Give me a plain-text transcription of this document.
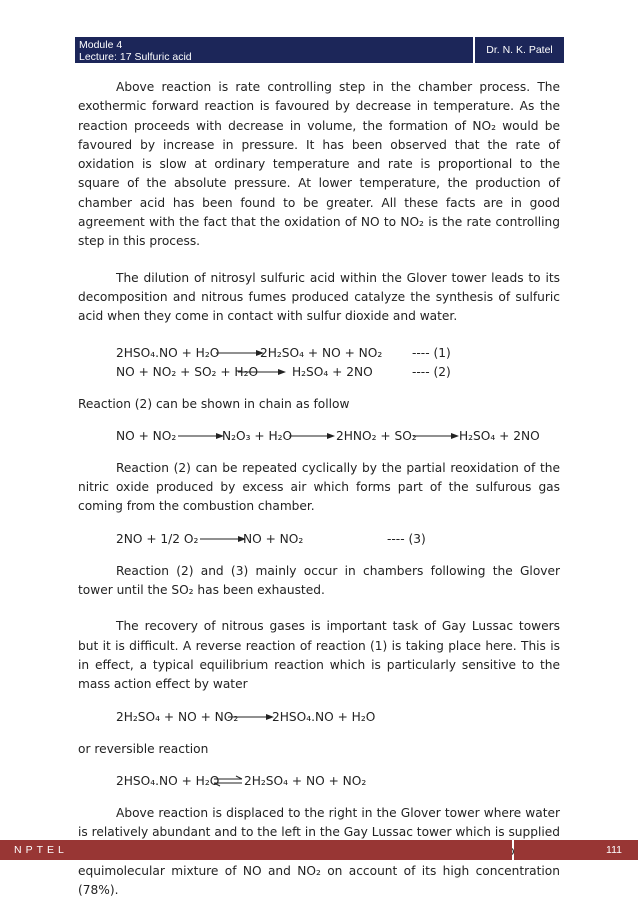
Module 4
Lecture: 17 Sulfuric acid
Dr. N. K. Patel

Above reaction is rate controlling step in the chamber process. The exothermic forward reaction is favoured by decrease in temperature. As the reaction proceeds with decrease in volume, the formation of NO₂ would be favoured by increase in pressure. It has been observed that the rate of oxidation is slow at ordinary temperature and rate is proportional to the square of the absolute pressure. At lower temperature, the production of chamber acid has been found to be greater. All these facts are in good agreement with the fact that the oxidation of NO to NO₂ is the rate controlling step in this process.

The dilution of nitrosyl sulfuric acid within the Glover tower leads to its decomposition and nitrous fumes produced catalyze the synthesis of sulfuric acid when they come in contact with sulfur dioxide and water.

2HSO₄.NO + H₂O	2H₂SO₄ + NO + NO₂ ---- (1)
NO + NO₂ + SO₂ + H₂O	H₂SO₄ + 2NO	---- (2)

Reaction (2) can be shown in chain as follow

NO + NO₂	N₂O₃ + H₂O	2HNO₂ + SO₂	H₂SO₄ + 2NO

Reaction (2) can be repeated cyclically by the partial reoxidation of the nitric oxide produced by excess air which forms part of the sulfurous gas coming from the combustion chamber.

2NO + 1/2 O₂	NO + NO₂	---- (3)

Reaction (2) and (3) mainly occur in chambers following the Glover tower until the SO₂ has been exhausted.

The recovery of nitrous gases is important task of Gay Lussac towers but it is difficult. A reverse reaction of reaction (1) is taking place here. This is in effect, a typical equilibrium reaction which is particularly sensitive to the mass action effect by water

2H₂SO₄ + NO + NO₂	2HSO₄.NO + H₂O

or reversible reaction

2HSO₄.NO + H₂O ⇌ 2H₂SO₄ + NO + NO₂

Above reaction is displaced to the right in the Glover tower where water is relatively abundant and to the left in the Gay Lussac tower which is supplied equimolecular mixture of NO and NO₂ on account of its high concentration (78%).

NPTEL	111
